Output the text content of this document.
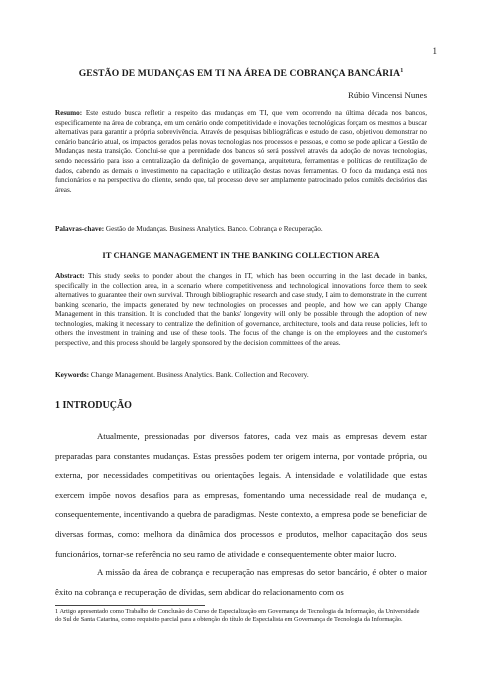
1
GESTÃO DE MUDANÇAS EM TI NA ÁREA DE COBRANÇA BANCÁRIA$^1$
Rúbio Vincensi Nunes
Resumo: Este estudo busca refletir a respeito das mudanças em TI, que vem ocorrendo na última década nos bancos, especificamente na área de cobrança, em um cenário onde competitividade e inovações tecnológicas forçam os mesmos a buscar alternativas para garantir a própria sobrevivência. Através de pesquisas bibliográficas e estudo de caso, objetivou demonstrar no cenário bancário atual, os impactos gerados pelas novas tecnologias nos processos e pessoas, e como se pode aplicar a Gestão de Mudanças nesta transição. Conclui-se que a perenidade dos bancos só será possível através da adoção de novas tecnologias, sendo necessário para isso a centralização da definição de governança, arquitetura, ferramentas e políticas de reutilização de dados, cabendo as demais o investimento na capacitação e utilização destas novas ferramentas. O foco da mudança está nos funcionários e na perspectiva do cliente, sendo que, tal processo deve ser amplamente patrocinado pelos comitês decisórios das áreas.
Palavras-chave: Gestão de Mudanças. Business Analytics. Banco. Cobrança e Recuperação.
IT CHANGE MANAGEMENT IN THE BANKING COLLECTION AREA
Abstract: This study seeks to ponder about the changes in IT, which has been occurring in the last decade in banks, specifically in the collection area, in a scenario where competitiveness and technological innovations force them to seek alternatives to guarantee their own survival. Through bibliographic research and case study, I aim to demonstrate in the current banking scenario, the impacts generated by new technologies on processes and people, and how we can apply Change Management in this transition. It is concluded that the banks' longevity will only be possible through the adoption of new technologies, making it necessary to centralize the definition of governance, architecture, tools and data reuse policies, left to others the investment in training and use of these tools. The focus of the change is on the employees and the customer's perspective, and this process should be largely sponsored by the decision committees of the areas.
Keywords: Change Management. Business Analytics. Bank. Collection and Recovery.
1 INTRODUÇÃO

Atualmente, pressionadas por diversos fatores, cada vez mais as empresas devem estar preparadas para constantes mudanças. Estas pressões podem ter origem interna, por vontade própria, ou externa, por necessidades competitivas ou orientações legais. A intensidade e volatilidade que estas exercem impõe novos desafios para as empresas, fomentando uma necessidade real de mudança e, consequentemente, incentivando a quebra de paradigmas. Neste contexto, a empresa pode se beneficiar de diversas formas, como: melhora da dinâmica dos processos e produtos, melhor capacitação dos seus funcionários, tornar-se referência no seu ramo de atividade e consequentemente obter maior lucro.

A missão da área de cobrança e recuperação nas empresas do setor bancário, é obter o maior êxito na cobrança e recuperação de dívidas, sem abdicar do relacionamento com os

1 Artigo apresentado como Trabalho de Conclusão do Curso de Especialização em Governança de Tecnologia da Informação, da Universidade do Sul de Santa Catarina, como requisito parcial para a obtenção do título de Especialista em Governança de Tecnologia da Informação.
